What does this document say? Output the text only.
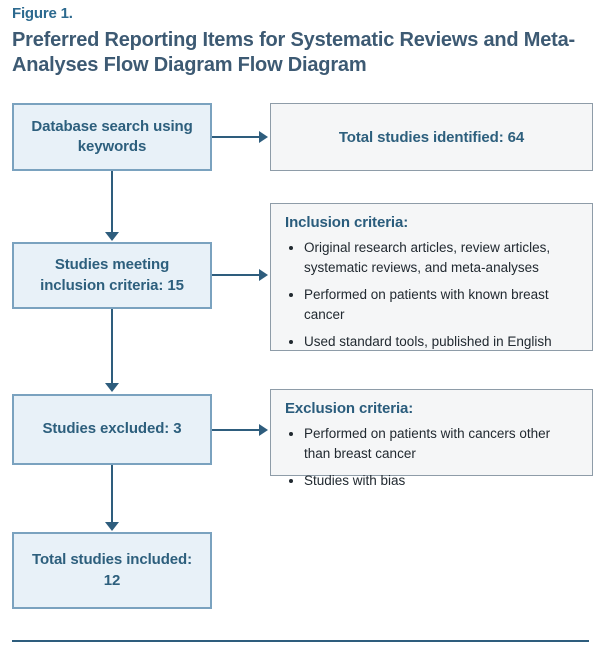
Figure 1.
Preferred Reporting Items for Systematic Reviews and Meta-Analyses Flow Diagram Flow Diagram
Database search using keywords
Studies meeting inclusion criteria: 15
Studies excluded: 3
Total studies included: 12
Total studies identified: 64

Inclusion criteria:

• Original research articles, review articles, systematic reviews, and meta-analyses
• Performed on patients with known breast cancer
• Used standard tools, published in English

Exclusion criteria:

• Performed on patients with cancers other than breast cancer
• Studies with bias
